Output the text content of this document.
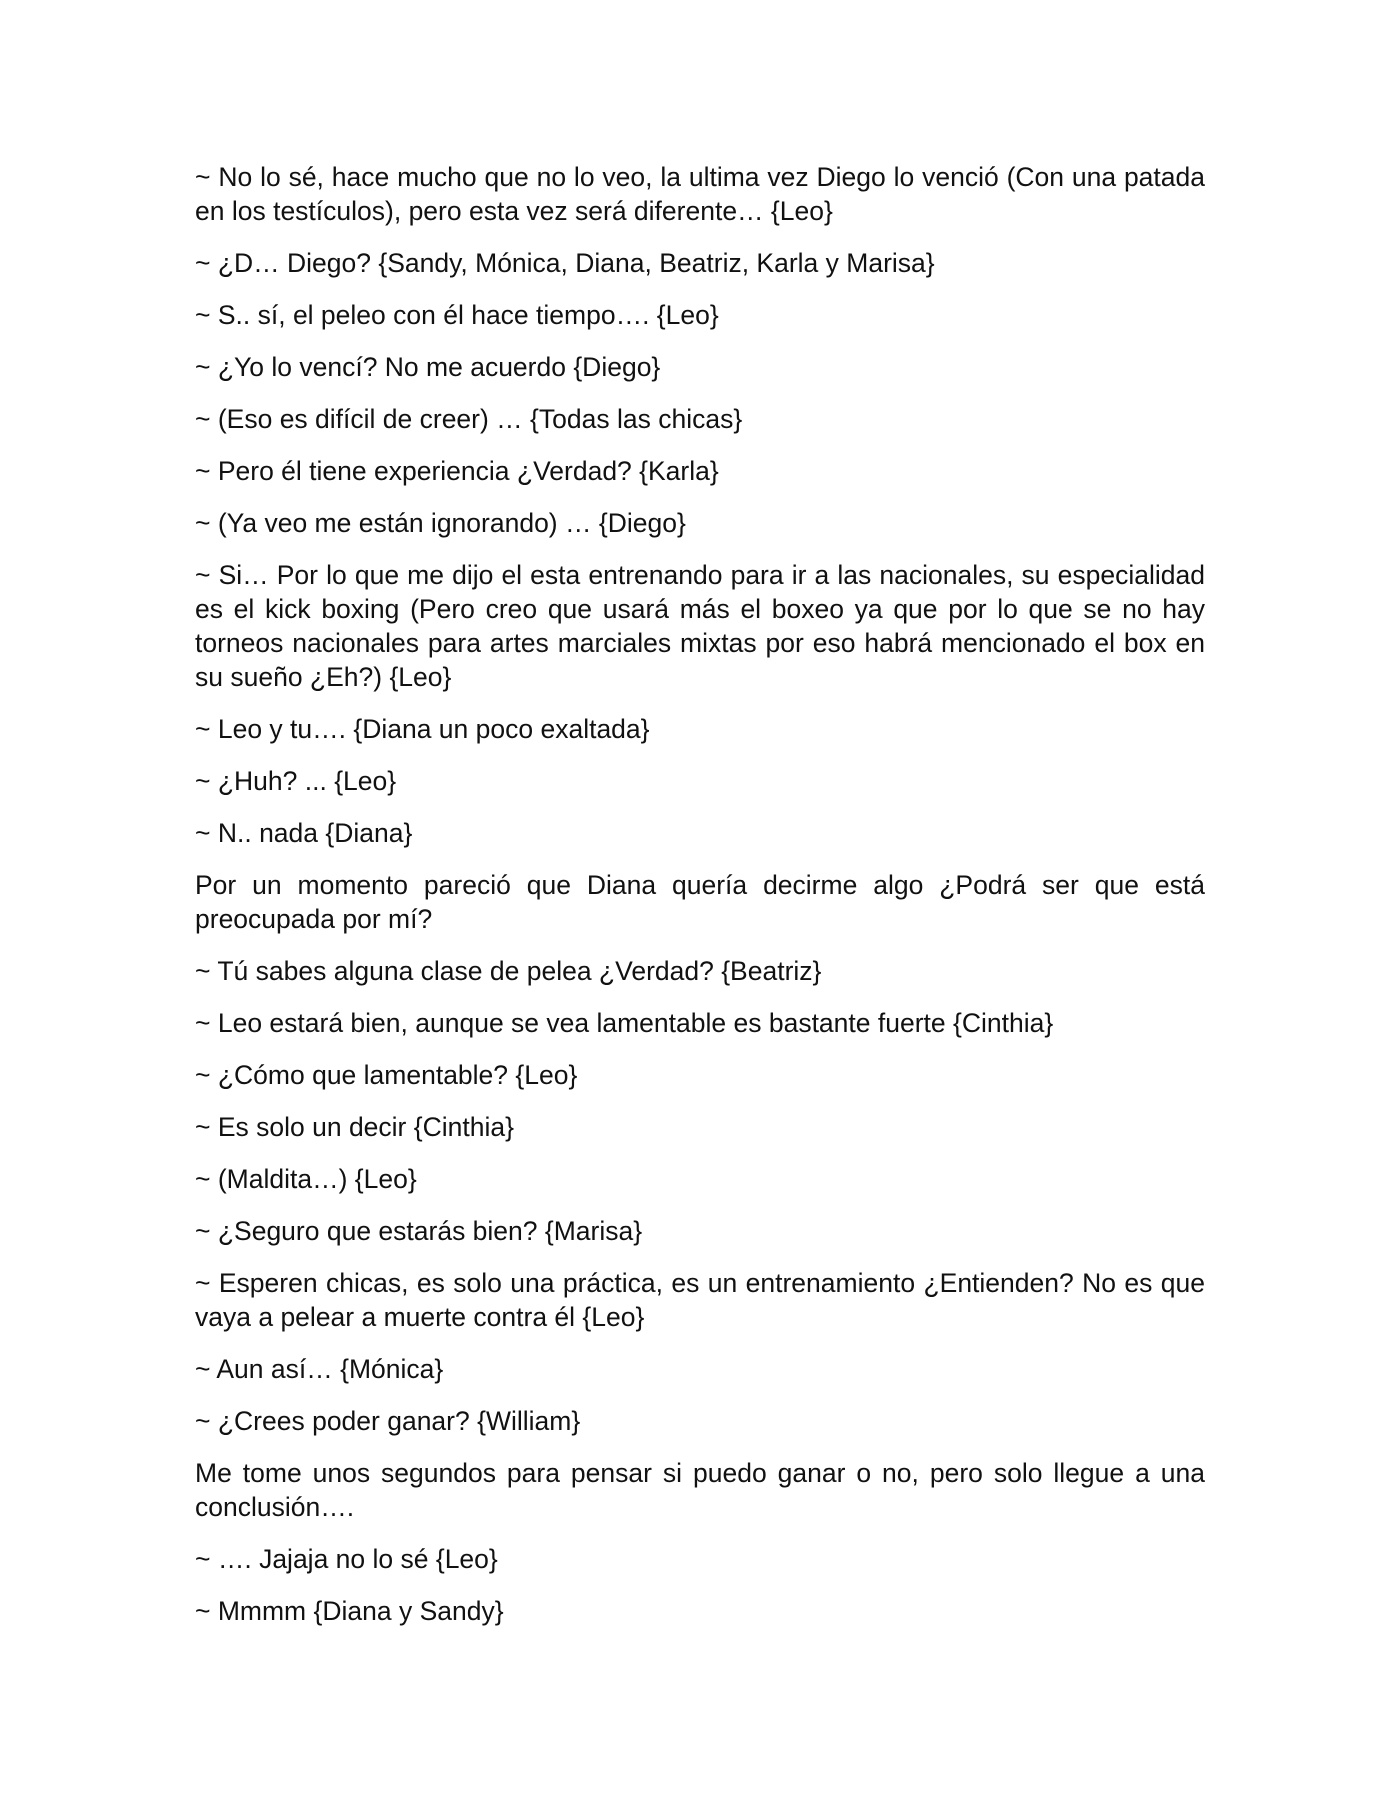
~ No lo sé, hace mucho que no lo veo, la ultima vez Diego lo venció (Con una patada en los testículos), pero esta vez será diferente… {Leo}

~ ¿D… Diego? {Sandy, Mónica, Diana, Beatriz, Karla y Marisa}

~ S.. sí, el peleo con él hace tiempo…. {Leo}

~ ¿Yo lo vencí? No me acuerdo {Diego}

~ (Eso es difícil de creer) … {Todas las chicas}

~ Pero él tiene experiencia ¿Verdad? {Karla}

~ (Ya veo me están ignorando) … {Diego}

~ Si… Por lo que me dijo el esta entrenando para ir a las nacionales, su especialidad es el kick boxing (Pero creo que usará más el boxeo ya que por lo que se no hay torneos nacionales para artes marciales mixtas por eso habrá mencionado el box en su sueño ¿Eh?) {Leo}

~ Leo y tu…. {Diana un poco exaltada}

~ ¿Huh? ... {Leo}

~ N.. nada {Diana}

Por un momento pareció que Diana quería decirme algo ¿Podrá ser que está preocupada por mí?

~ Tú sabes alguna clase de pelea ¿Verdad? {Beatriz}

~ Leo estará bien, aunque se vea lamentable es bastante fuerte {Cinthia}

~ ¿Cómo que lamentable? {Leo}

~ Es solo un decir {Cinthia}

~ (Maldita…) {Leo}

~ ¿Seguro que estarás bien? {Marisa}

~ Esperen chicas, es solo una práctica, es un entrenamiento ¿Entienden? No es que vaya a pelear a muerte contra él {Leo}

~ Aun así… {Mónica}

~ ¿Crees poder ganar? {William}

Me tome unos segundos para pensar si puedo ganar o no, pero solo llegue a una conclusión….

~ …. Jajaja no lo sé {Leo}

~ Mmmm {Diana y Sandy}
